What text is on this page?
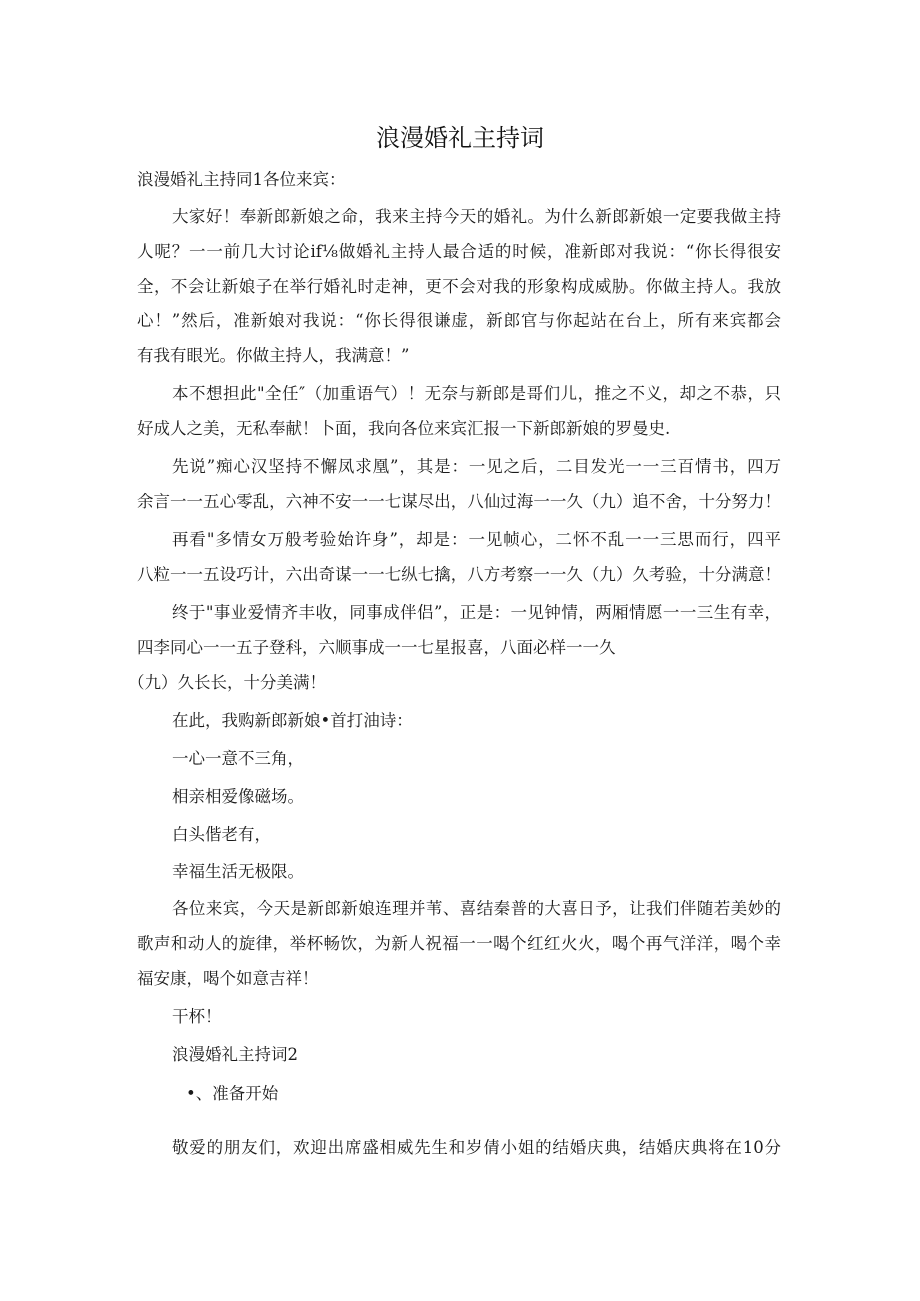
浪漫婚礼主持词
浪漫婚礼主持同1各位来宾：
大家好！奉新郎新娘之命，我来主持今天的婚礼。为什么新郎新娘一定要我做主持
人呢？一一前几大讨论if⅛做婚礼主持人最合适的时候，准新郎对我说：“你长得很安
全，不会让新娘子在举行婚礼时走神，更不会对我的形象构成威胁。你做主持人。我放
心！”然后，准新娘对我说：“你长得很谦虚，新郎官与你起站在台上，所有来宾都会
有我有眼光。你做主持人，我满意！”
本不想担此"全任″（加重语气）！无奈与新郎是哥们儿，推之不义，却之不恭，只
好成人之美，无私奉献！卜面，我向各位来宾汇报一下新郎新娘的罗曼史.
先说”痴心汉坚持不懈凤求凰”，其是：一见之后，二目发光一一三百情书，四万
余言一一五心零乱，六神不安一一七谋尽出，八仙过海一一久（九）追不舍，十分努力！
再看"多情女万般考验始许身”，却是：一见帧心，二怀不乱一一三思而行，四平
八粒一一五设巧计，六出奇谋一一七纵七擒，八方考察一一久（九）久考验，十分满意！
终于"事业爱情齐丰收，同事成伴侣”，正是：一见钟情，两厢情愿一一三生有幸，
四李同心一一五子登科，六顺事成一一七星报喜，八面必样一一久
（九）久长长，十分美满！
在此，我购新郎新娘•首打油诗：
一心一意不三角，
相亲相爱像磁场。
白头偕老有，
幸福生活无极限。
各位来宾，今天是新郎新娘连理并苇、喜结秦普的大喜日予，让我们伴随若美妙的
歌声和动人的旋律，举杯畅饮，为新人祝福一一喝个红红火火，喝个再气洋洋，喝个幸
福安康，喝个如意吉祥！
干杯！
浪漫婚礼主持词2
•、准备开始
敬爱的朋友们，欢迎出席盛相威先生和岁倩小姐的结婚庆典，结婚庆典将在10分
